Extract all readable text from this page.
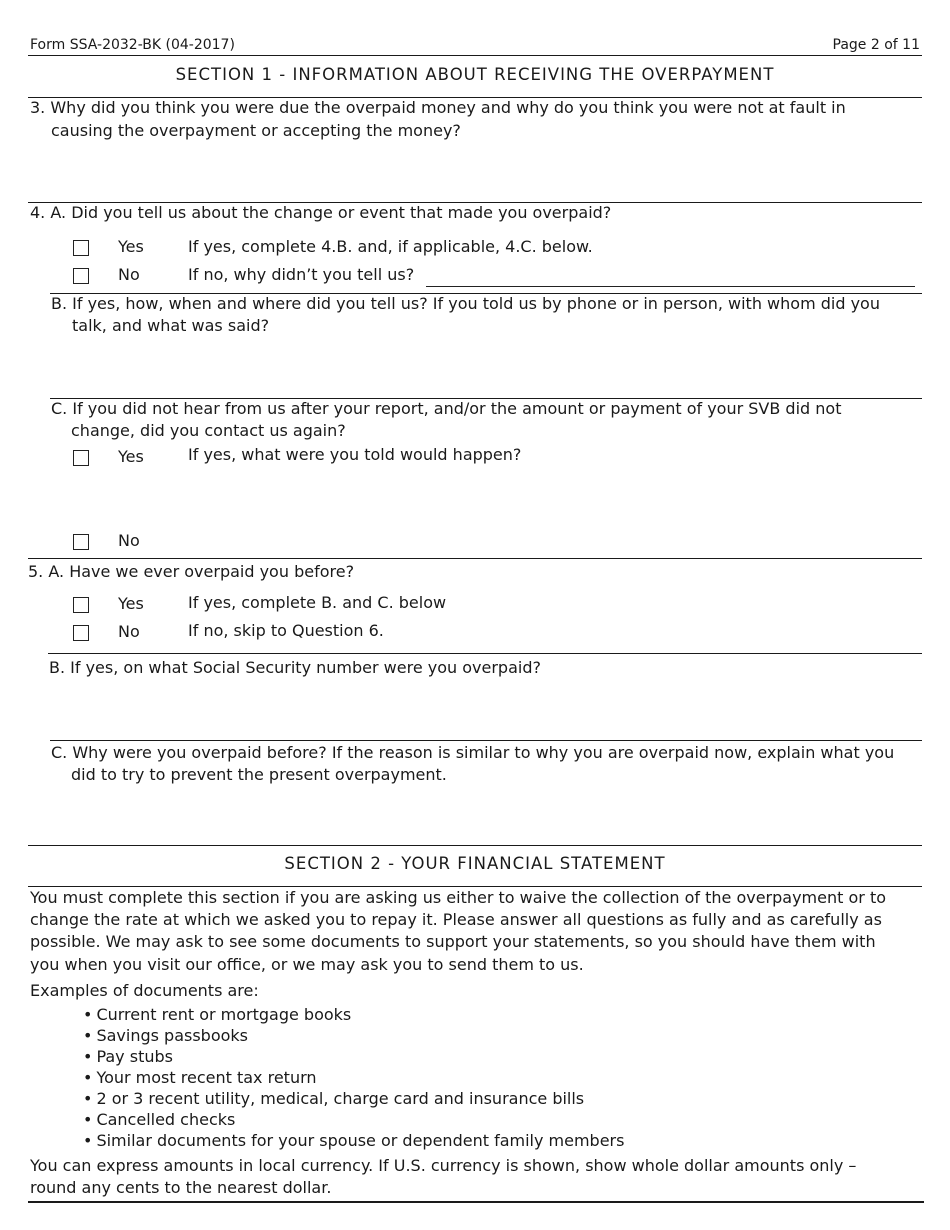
Form SSA-2032-BK (04-2017)	Page 2 of 11
SECTION 1 - INFORMATION ABOUT RECEIVING THE OVERPAYMENT
3. Why did you think you were due the overpaid money and why do you think you were not at fault in
causing the overpayment or accepting the money?
4. A. Did you tell us about the change or event that made you overpaid?
Yes	If yes, complete 4.B. and, if applicable, 4.C. below.
No	If no, why didn’t you tell us?
B. If yes, how, when and where did you tell us? If you told us by phone or in person, with whom did you
talk, and what was said?
C. If you did not hear from us after your report, and/or the amount or payment of your SVB did not
change, did you contact us again?
Yes	If yes, what were you told would happen?
No
5. A. Have we ever overpaid you before?
Yes	If yes, complete B. and C. below
No	If no, skip to Question 6.
B. If yes, on what Social Security number were you overpaid?
C. Why were you overpaid before? If the reason is similar to why you are overpaid now, explain what you
did to try to prevent the present overpayment.
SECTION 2 - YOUR FINANCIAL STATEMENT
You must complete this section if you are asking us either to waive the collection of the overpayment or to
change the rate at which we asked you to repay it. Please answer all questions as fully and as carefully as
possible. We may ask to see some documents to support your statements, so you should have them with
you when you visit our office, or we may ask you to send them to us.
Examples of documents are:
• Current rent or mortgage books
• Savings passbooks
• Pay stubs
• Your most recent tax return
• 2 or 3 recent utility, medical, charge card and insurance bills
• Cancelled checks
• Similar documents for your spouse or dependent family members
You can express amounts in local currency. If U.S. currency is shown, show whole dollar amounts only –
round any cents to the nearest dollar.
